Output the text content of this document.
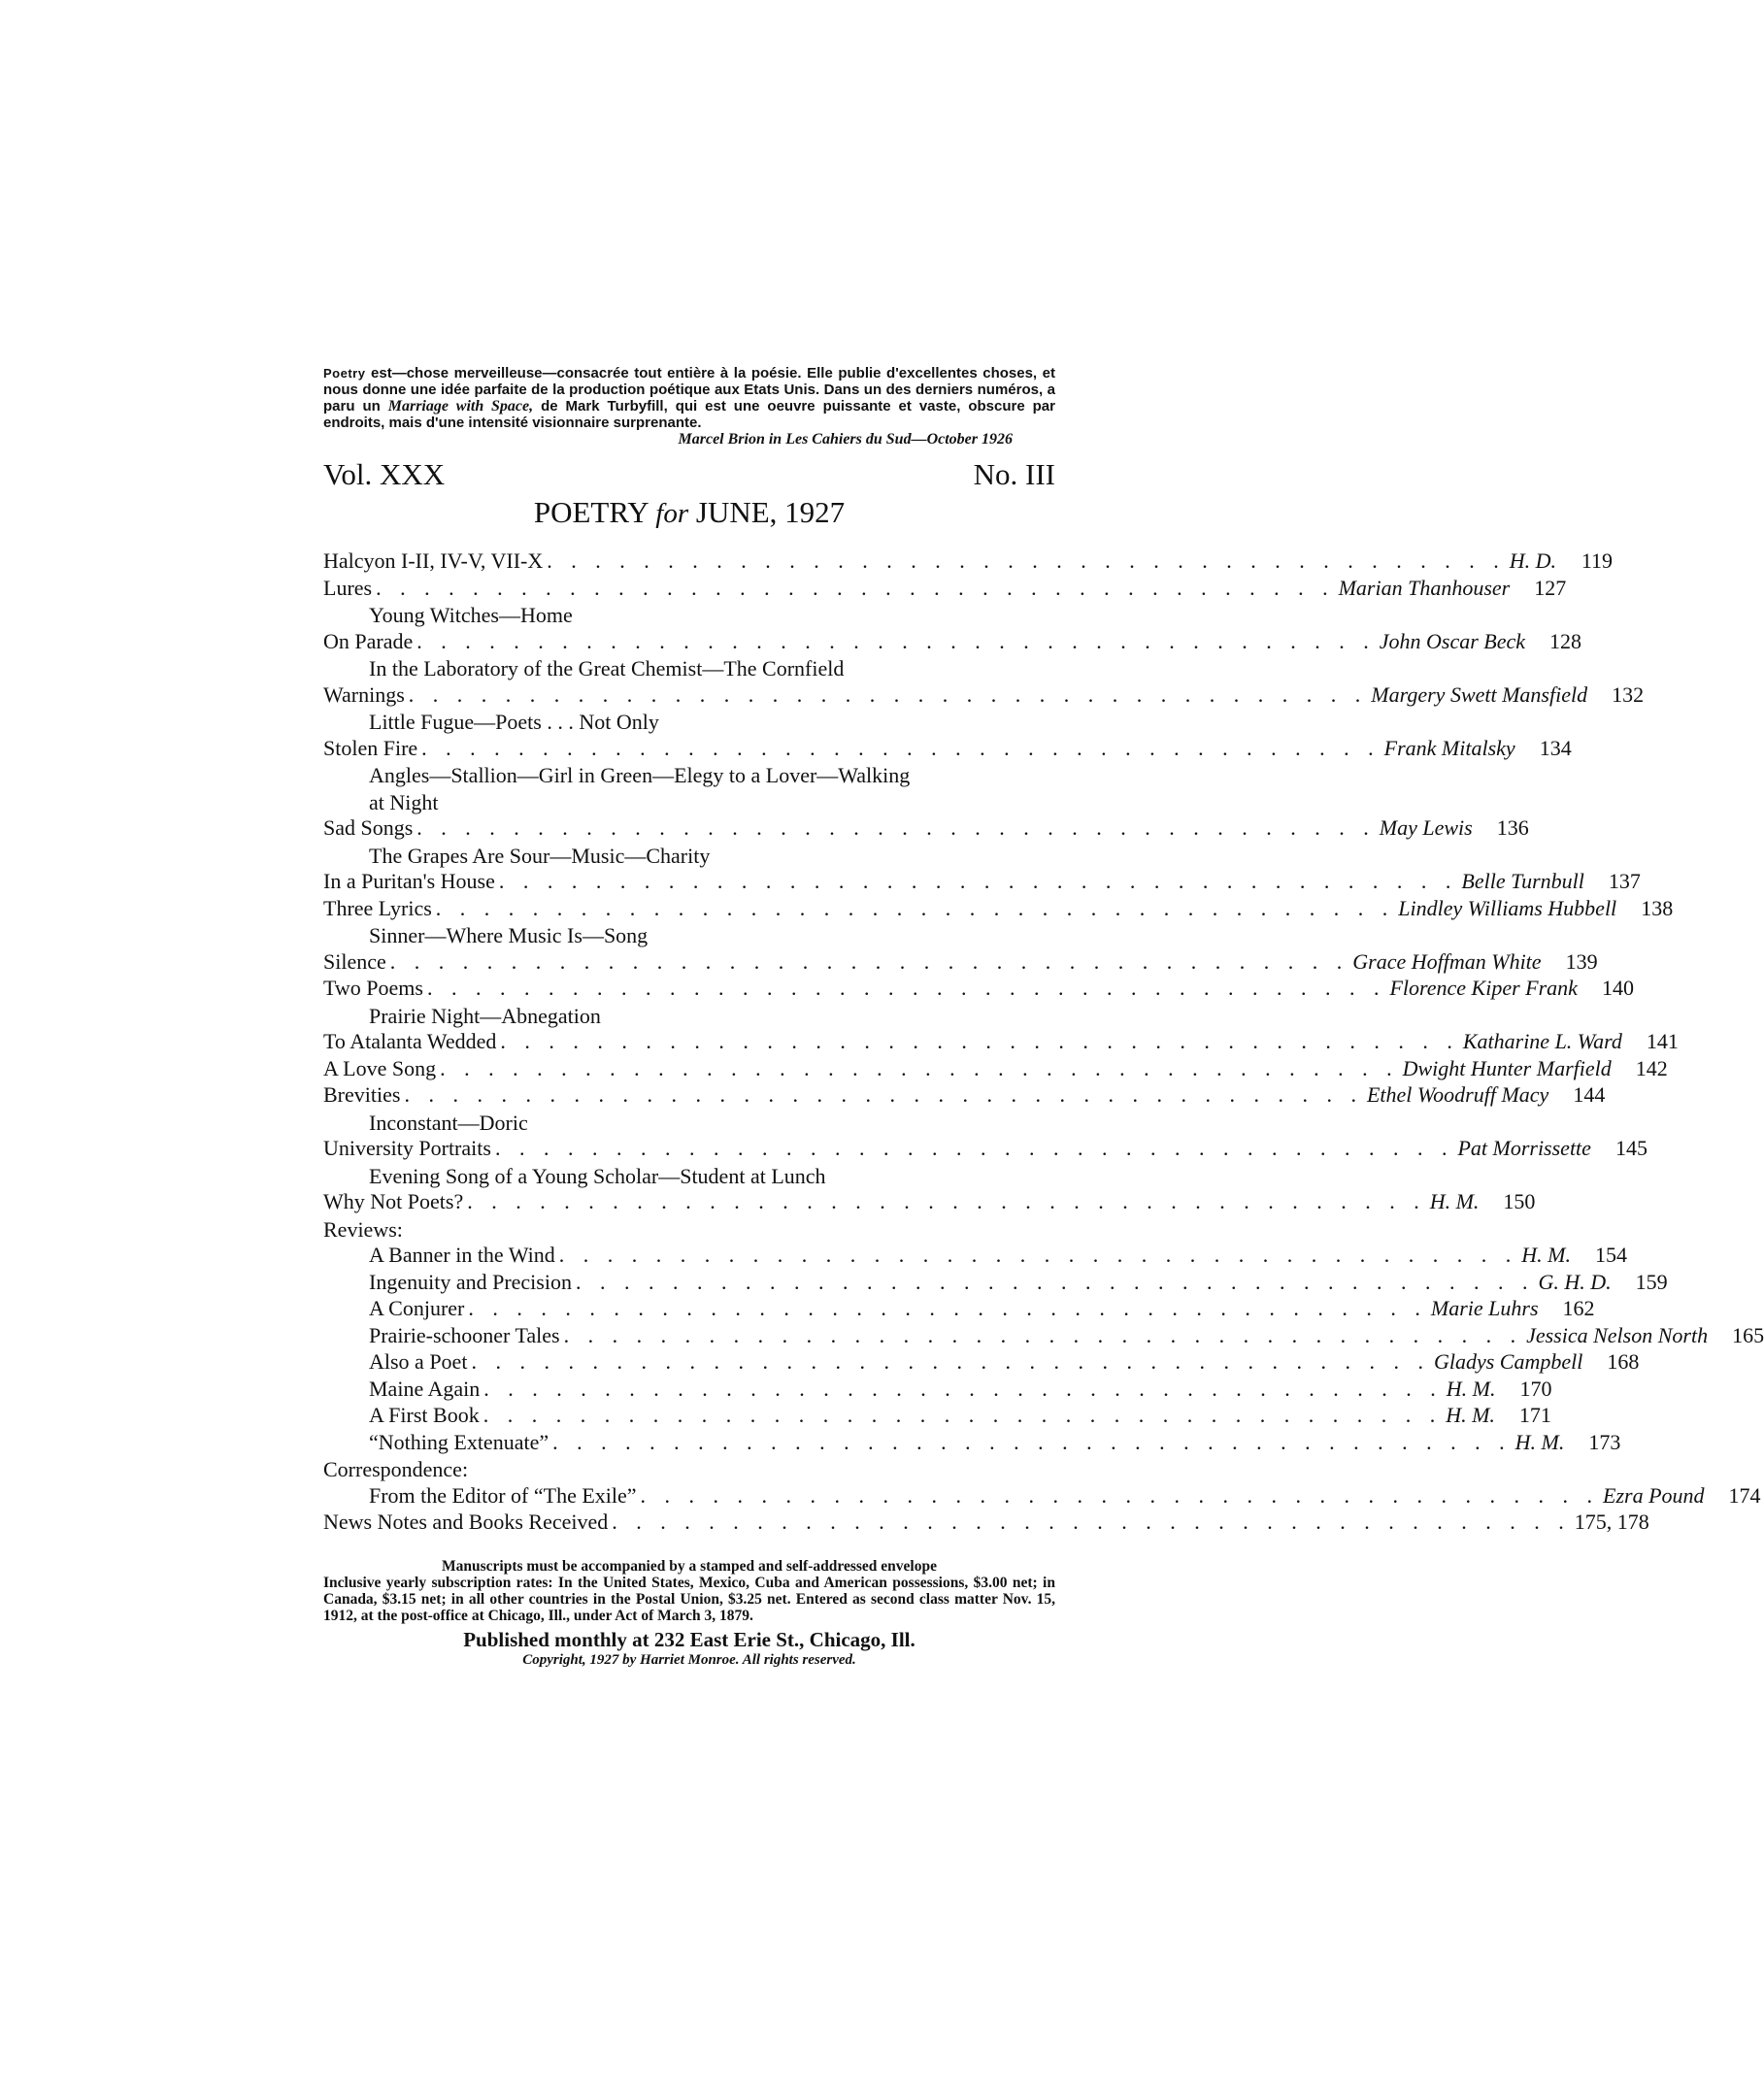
Poetry est—chose merveilleuse—consacrée tout entière à la poésie. Elle publie d'excellentes choses, et nous donne une idée parfaite de la production poétique aux Etats Unis. Dans un des derniers numéros, a paru un Marriage with Space, de Mark Turbyfill, qui est une oeuvre puissante et vaste, obscure par endroits, mais d'une intensité visionnaire surprenante.

Marcel Brion in Les Cahiers du Sud—October 1926
Vol. XXX	No. III
POETRY for JUNE, 1927
Halcyon I-II, IV-V, VII-X . . . . . . . . . . . . . . . . . . . . . . . . . . . . . . . . . . . . . . . . H. D.	119
Lures . . . . . . . . . . . . . . . . . . . . . . . . . . . . . . . . . . . . . . . . Marian Thanhouser	127
Young Witches—Home
On Parade . . . . . . . . . . . . . . . . . . . . . . . . . . . . . . . . . . . . . . . . John Oscar Beck	128
In the Laboratory of the Great Chemist—The Cornfield
Warnings . . . . . . . . . . . . . . . . . . . . . . . . . . . . . . . . . . . . . . . . Margery Swett Mansfield	132
Little Fugue—Poets . . . Not Only
Stolen Fire . . . . . . . . . . . . . . . . . . . . . . . . . . . . . . . . . . . . . . . . Frank Mitalsky	134
Angles—Stallion—Girl in Green—Elegy to a Lover—Walking
at Night
Sad Songs . . . . . . . . . . . . . . . . . . . . . . . . . . . . . . . . . . . . . . . . May Lewis	136
The Grapes Are Sour—Music—Charity
In a Puritan's House . . . . . . . . . . . . . . . . . . . . . . . . . . . . . . . . . . . . . . . . Belle Turnbull	137
Three Lyrics . . . . . . . . . . . . . . . . . . . . . . . . . . . . . . . . . . . . . . . . Lindley Williams Hubbell	138
Sinner—Where Music Is—Song
Silence . . . . . . . . . . . . . . . . . . . . . . . . . . . . . . . . . . . . . . . . Grace Hoffman White	139
Two Poems . . . . . . . . . . . . . . . . . . . . . . . . . . . . . . . . . . . . . . . . Florence Kiper Frank	140
Prairie Night—Abnegation
To Atalanta Wedded . . . . . . . . . . . . . . . . . . . . . . . . . . . . . . . . . . . . . . . . Katharine L. Ward	141
A Love Song . . . . . . . . . . . . . . . . . . . . . . . . . . . . . . . . . . . . . . . . Dwight Hunter Marfield	142
Brevities . . . . . . . . . . . . . . . . . . . . . . . . . . . . . . . . . . . . . . . . Ethel Woodruff Macy	144
Inconstant—Doric
University Portraits . . . . . . . . . . . . . . . . . . . . . . . . . . . . . . . . . . . . . . . . Pat Morrissette	145
Evening Song of a Young Scholar—Student at Lunch
Why Not Poets? . . . . . . . . . . . . . . . . . . . . . . . . . . . . . . . . . . . . . . . . H. M.	150
Reviews:
A Banner in the Wind . . . . . . . . . . . . . . . . . . . . . . . . . . . . . . . . . . . . . . . . H. M.	154
Ingenuity and Precision . . . . . . . . . . . . . . . . . . . . . . . . . . . . . . . . . . . . . . . . G. H. D.	159
A Conjurer . . . . . . . . . . . . . . . . . . . . . . . . . . . . . . . . . . . . . . . . Marie Luhrs	162
Prairie-schooner Tales . . . . . . . . . . . . . . . . . . . . . . . . . . . . . . . . . . . . . . . . Jessica Nelson North	165
Also a Poet . . . . . . . . . . . . . . . . . . . . . . . . . . . . . . . . . . . . . . . . Gladys Campbell	168
Maine Again . . . . . . . . . . . . . . . . . . . . . . . . . . . . . . . . . . . . . . . . H. M.	170
A First Book . . . . . . . . . . . . . . . . . . . . . . . . . . . . . . . . . . . . . . . . H. M.	171
“Nothing Extenuate” . . . . . . . . . . . . . . . . . . . . . . . . . . . . . . . . . . . . . . . . H. M.	173
Correspondence:
From the Editor of “The Exile” . . . . . . . . . . . . . . . . . . . . . . . . . . . . . . . . . . . . . . . . Ezra Pound	174
News Notes and Books Received . . . . . . . . . . . . . . . . . . . . . . . . . . . . . . . . . . . . . . . . 175, 178

Manuscripts must be accompanied by a stamped and self-addressed envelope

Inclusive yearly subscription rates: In the United States, Mexico, Cuba and American possessions, $3.00 net; in Canada, $3.15 net; in all other countries in the Postal Union, $3.25 net. Entered as second class matter Nov. 15, 1912, at the post-office at Chicago, Ill., under Act of March 3, 1879.

Published monthly at 232 East Erie St., Chicago, Ill.
Copyright, 1927 by Harriet Monroe. All rights reserved.
